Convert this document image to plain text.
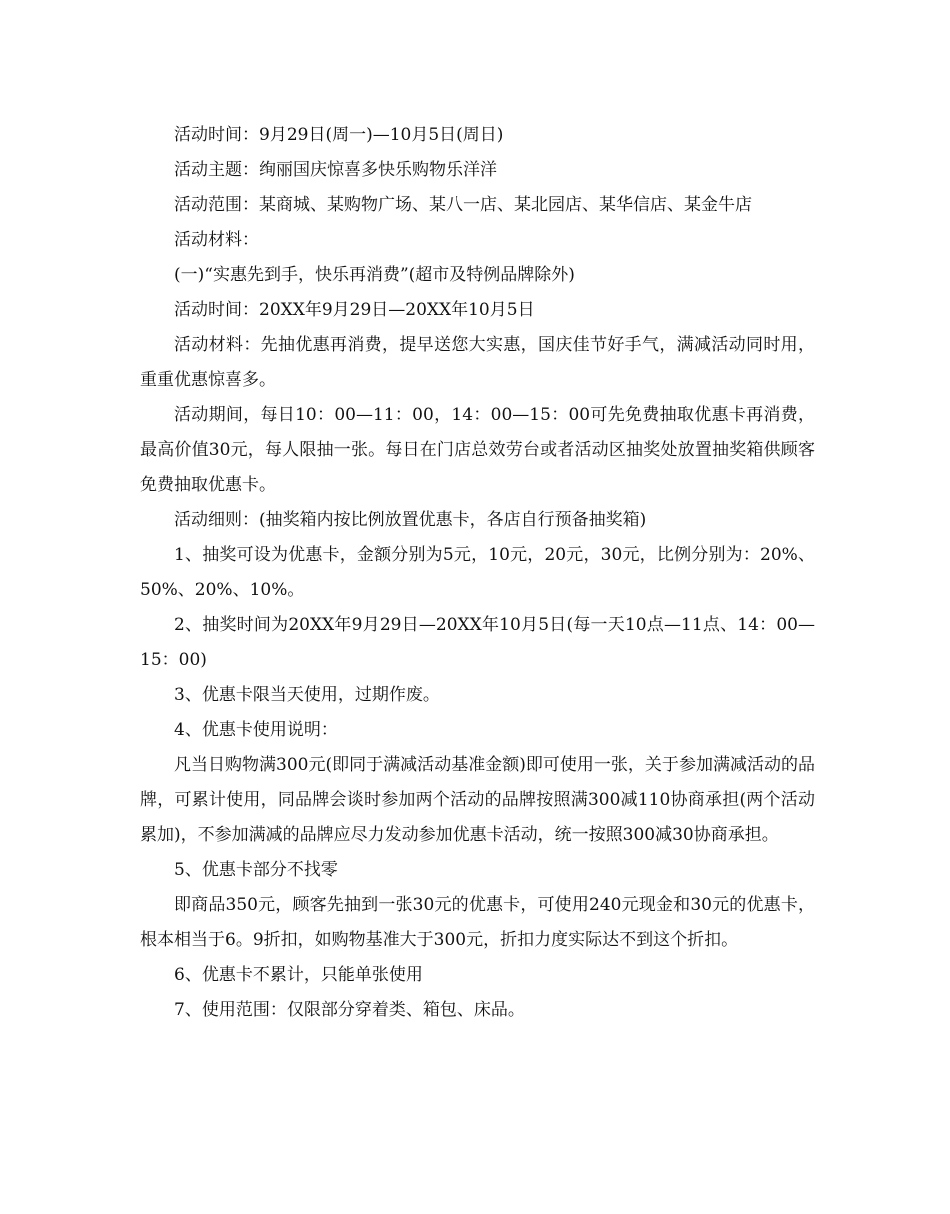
活动时间：9月29日(周一)—10月5日(周日)

活动主题：绚丽国庆惊喜多快乐购物乐洋洋

活动范围：某商城、某购物广场、某八一店、某北园店、某华信店、某金牛店

活动材料：

(一)“实惠先到手，快乐再消费”(超市及特例品牌除外)

活动时间：20XX年9月29日—20XX年10月5日

活动材料：先抽优惠再消费，提早送您大实惠，国庆佳节好手气，满减活动同时用，重重优惠惊喜多。

活动期间，每日10：00—11：00，14：00—15：00可先免费抽取优惠卡再消费，最高价值30元，每人限抽一张。每日在门店总效劳台或者活动区抽奖处放置抽奖箱供顾客免费抽取优惠卡。

活动细则：(抽奖箱内按比例放置优惠卡，各店自行预备抽奖箱)

1、抽奖可设为优惠卡，金额分别为5元，10元，20元，30元，比例分别为：20%、50%、20%、10%。

2、抽奖时间为20XX年9月29日—20XX年10月5日(每一天10点—11点、14：00—15：00)

3、优惠卡限当天使用，过期作废。

4、优惠卡使用说明：

凡当日购物满300元(即同于满减活动基准金额)即可使用一张，关于参加满减活动的品牌，可累计使用，同品牌会谈时参加两个活动的品牌按照满300减110协商承担(两个活动累加)，不参加满减的品牌应尽力发动参加优惠卡活动，统一按照300减30协商承担。

5、优惠卡部分不找零

即商品350元，顾客先抽到一张30元的优惠卡，可使用240元现金和30元的优惠卡，根本相当于6。9折扣，如购物基准大于300元，折扣力度实际达不到这个折扣。

6、优惠卡不累计，只能单张使用

7、使用范围：仅限部分穿着类、箱包、床品。
